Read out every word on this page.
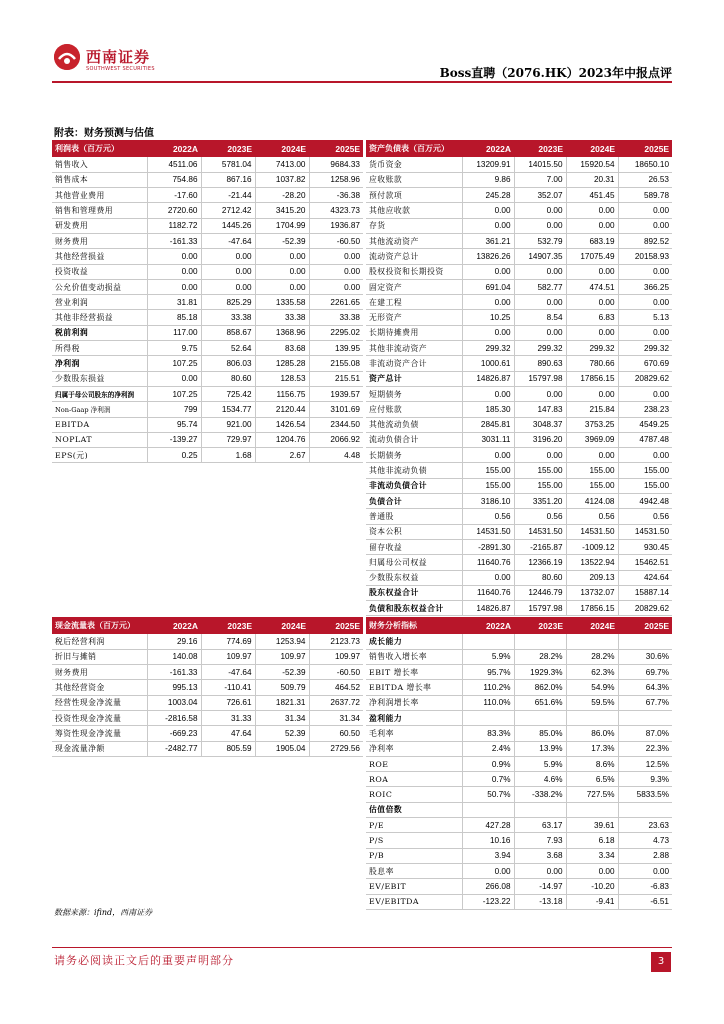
西南证券
SOUTHWEST SECURITIES	Boss直聘（2076.HK）2023年中报点评
附表：财务预测与估值
利润表（百万元）	2022A	2023E	2024E	2025E
销售收入	4511.06	5781.04	7413.00	9684.33
销售成本	754.86	867.16	1037.82	1258.96
其他营业费用	-17.60	-21.44	-28.20	-36.38
销售和管理费用	2720.60	2712.42	3415.20	4323.73
研发费用	1182.72	1445.26	1704.99	1936.87
财务费用	-161.33	-47.64	-52.39	-60.50
其他经营损益	0.00	0.00	0.00	0.00
投资收益	0.00	0.00	0.00	0.00
公允价值变动损益	0.00	0.00	0.00	0.00
营业利润	31.81	825.29	1335.58	2261.65
其他非经营损益	85.18	33.38	33.38	33.38
税前利润	117.00	858.67	1368.96	2295.02
所得税	9.75	52.64	83.68	139.95
净利润	107.25	806.03	1285.28	2155.08
少数股东损益	0.00	80.60	128.53	215.51
归属于母公司股东的净利润	107.25	725.42	1156.75	1939.57
Non-Gaap 净利润	799	1534.77	2120.44	3101.69
EBITDA	95.74	921.00	1426.54	2344.50
NOPLAT	-139.27	729.97	1204.76	2066.92
EPS(元)	0.25	1.68	2.67	4.48
资产负债表（百万元）	2022A	2023E	2024E	2025E
货币资金	13209.91	14015.50	15920.54	18650.10
应收账款	9.86	7.00	20.31	26.53
预付款项	245.28	352.07	451.45	589.78
其他应收款	0.00	0.00	0.00	0.00
存货	0.00	0.00	0.00	0.00
其他流动资产	361.21	532.79	683.19	892.52
流动资产总计	13826.26	14907.35	17075.49	20158.93
股权投资和长期投资	0.00	0.00	0.00	0.00
固定资产	691.04	582.77	474.51	366.25
在建工程	0.00	0.00	0.00	0.00
无形资产	10.25	8.54	6.83	5.13
长期待摊费用	0.00	0.00	0.00	0.00
其他非流动资产	299.32	299.32	299.32	299.32
非流动资产合计	1000.61	890.63	780.66	670.69
资产总计	14826.87	15797.98	17856.15	20829.62
短期债务	0.00	0.00	0.00	0.00
应付账款	185.30	147.83	215.84	238.23
其他流动负债	2845.81	3048.37	3753.25	4549.25
流动负债合计	3031.11	3196.20	3969.09	4787.48
长期债务	0.00	0.00	0.00	0.00
其他非流动负债	155.00	155.00	155.00	155.00
非流动负债合计	155.00	155.00	155.00	155.00
负债合计	3186.10	3351.20	4124.08	4942.48
普通股	0.56	0.56	0.56	0.56
资本公积	14531.50	14531.50	14531.50	14531.50
留存收益	-2891.30	-2165.87	-1009.12	930.45
归属母公司权益	11640.76	12366.19	13522.94	15462.51
少数股东权益	0.00	80.60	209.13	424.64
股东权益合计	11640.76	12446.79	13732.07	15887.14
负债和股东权益合计	14826.87	15797.98	17856.15	20829.62
现金流量表（百万元）	2022A	2023E	2024E	2025E
税后经营利润	29.16	774.69	1253.94	2123.73
折旧与摊销	140.08	109.97	109.97	109.97
财务费用	-161.33	-47.64	-52.39	-60.50
其他经营资金	995.13	-110.41	509.79	464.52
经营性现金净流量	1003.04	726.61	1821.31	2637.72
投资性现金净流量	-2816.58	31.33	31.34	31.34
筹资性现金净流量	-669.23	47.64	52.39	60.50
现金流量净额	-2482.77	805.59	1905.04	2729.56
财务分析指标	2022A	2023E	2024E	2025E
成长能力				
销售收入增长率	5.9%	28.2%	28.2%	30.6%
EBIT 增长率	95.7%	1929.3%	62.3%	69.7%
EBITDA 增长率	110.2%	862.0%	54.9%	64.3%
净利润增长率	110.0%	651.6%	59.5%	67.7%
盈利能力				
毛利率	83.3%	85.0%	86.0%	87.0%
净利率	2.4%	13.9%	17.3%	22.3%
ROE	0.9%	5.9%	8.6%	12.5%
ROA	0.7%	4.6%	6.5%	9.3%
ROIC	50.7%	-338.2%	727.5%	5833.5%
估值倍数				
P/E	427.28	63.17	39.61	23.63
P/S	10.16	7.93	6.18	4.73
P/B	3.94	3.68	3.34	2.88
股息率	0.00	0.00	0.00	0.00
EV/EBIT	266.08	-14.97	-10.20	-6.83
EV/EBITDA	-123.22	-13.18	-9.41	-6.51
数据来源：ifind，西南证券
请务必阅读正文后的重要声明部分	3
